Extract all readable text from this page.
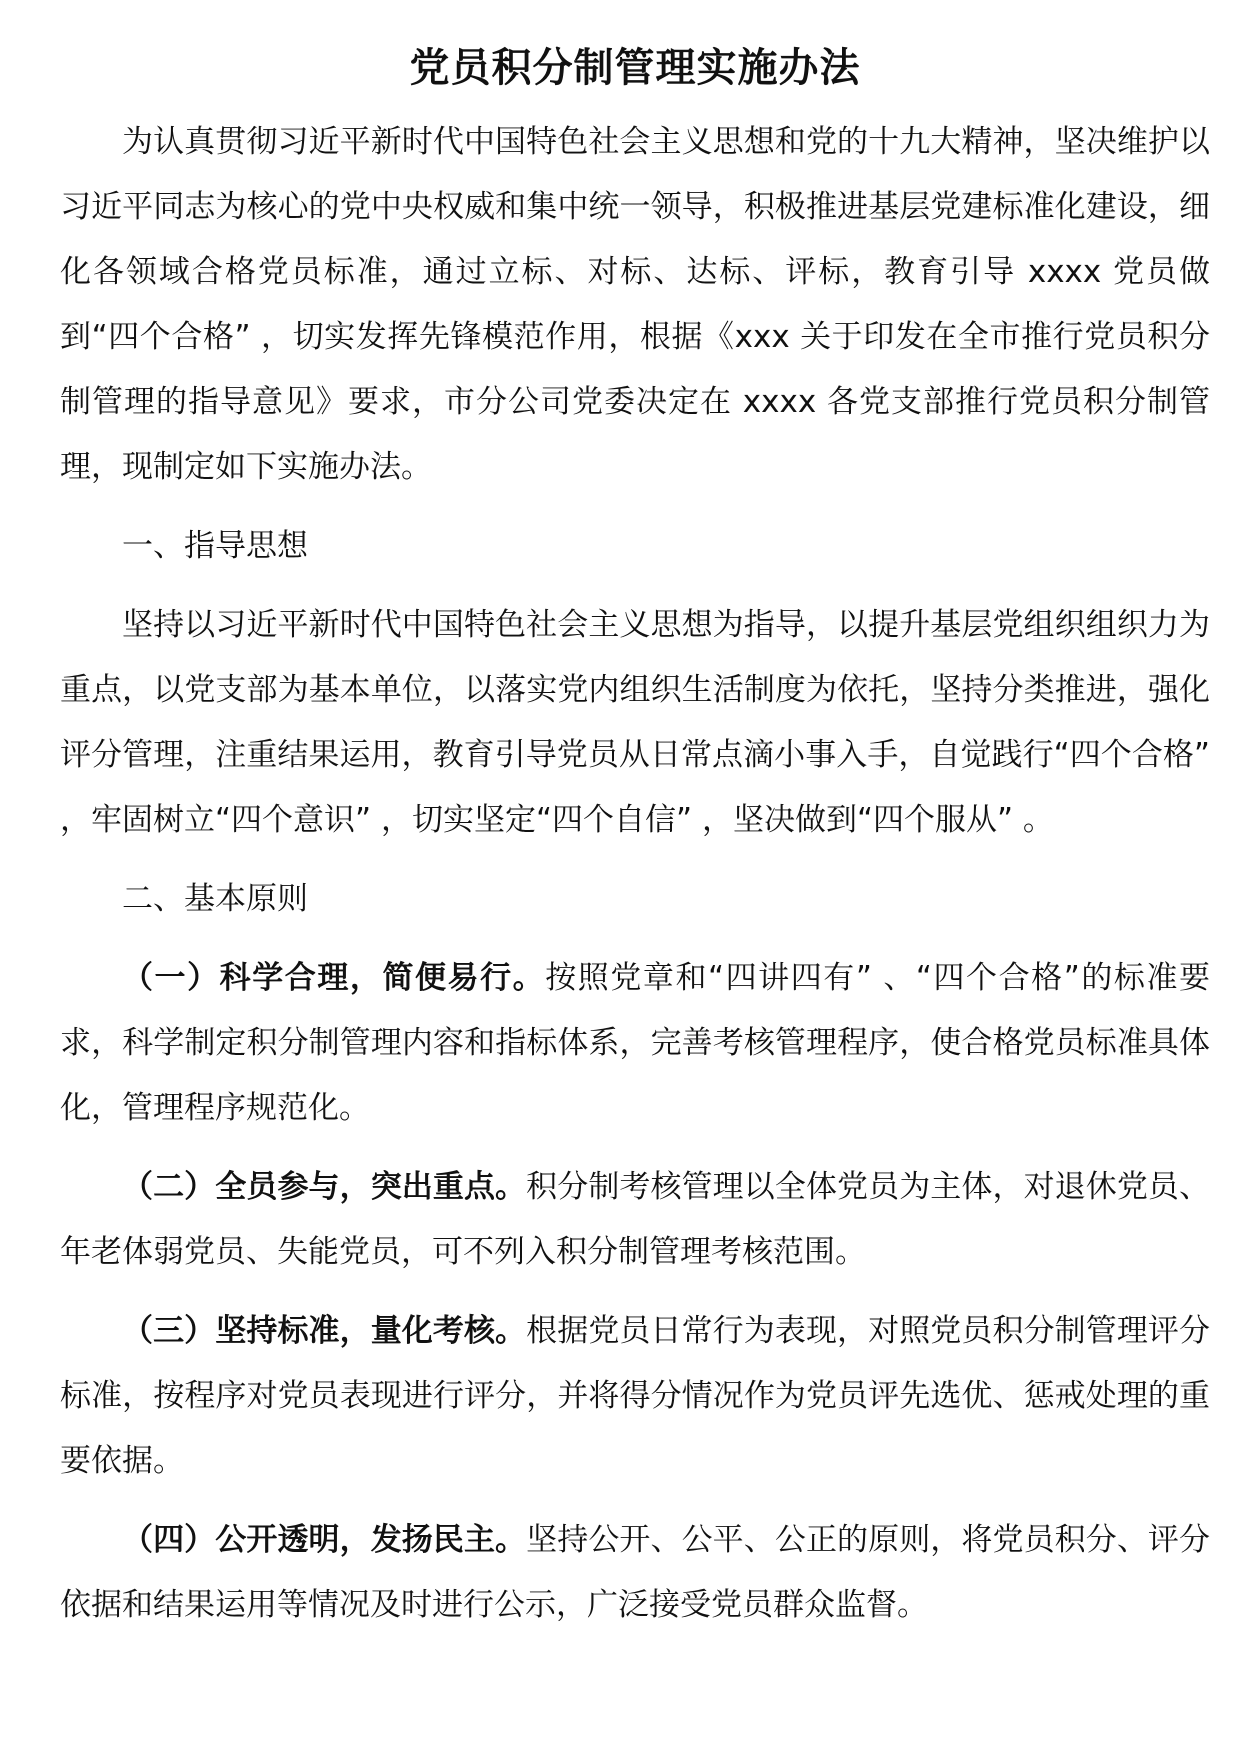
党员积分制管理实施办法

为认真贯彻习近平新时代中国特色社会主义思想和党的十九大精神，坚决维护以习近平同志为核心的党中央权威和集中统一领导，积极推进基层党建标准化建设，细化各领域合格党员标准，通过立标、对标、达标、评标，教育引导 xxxx 党员做到“四个合格” ，切实发挥先锋模范作用，根据《xxx 关于印发在全市推行党员积分制管理的指导意见》要求，市分公司党委决定在 xxxx 各党支部推行党员积分制管理，现制定如下实施办法。

一、指导思想

坚持以习近平新时代中国特色社会主义思想为指导，以提升基层党组织组织力为重点，以党支部为基本单位，以落实党内组织生活制度为依托，坚持分类推进，强化评分管理，注重结果运用，教育引导党员从日常点滴小事入手，自觉践行“四个合格” ，牢固树立“四个意识” ，切实坚定“四个自信” ，坚决做到“四个服从” 。

二、基本原则

（一）科学合理，简便易行。按照党章和“四讲四有” 、“四个合格”的标准要求，科学制定积分制管理内容和指标体系，完善考核管理程序，使合格党员标准具体化，管理程序规范化。

（二）全员参与，突出重点。积分制考核管理以全体党员为主体，对退休党员、年老体弱党员、失能党员，可不列入积分制管理考核范围。

（三）坚持标准，量化考核。根据党员日常行为表现，对照党员积分制管理评分标准，按程序对党员表现进行评分，并将得分情况作为党员评先选优、惩戒处理的重要依据。

（四）公开透明，发扬民主。坚持公开、公平、公正的原则，将党员积分、评分依据和结果运用等情况及时进行公示，广泛接受党员群众监督。
